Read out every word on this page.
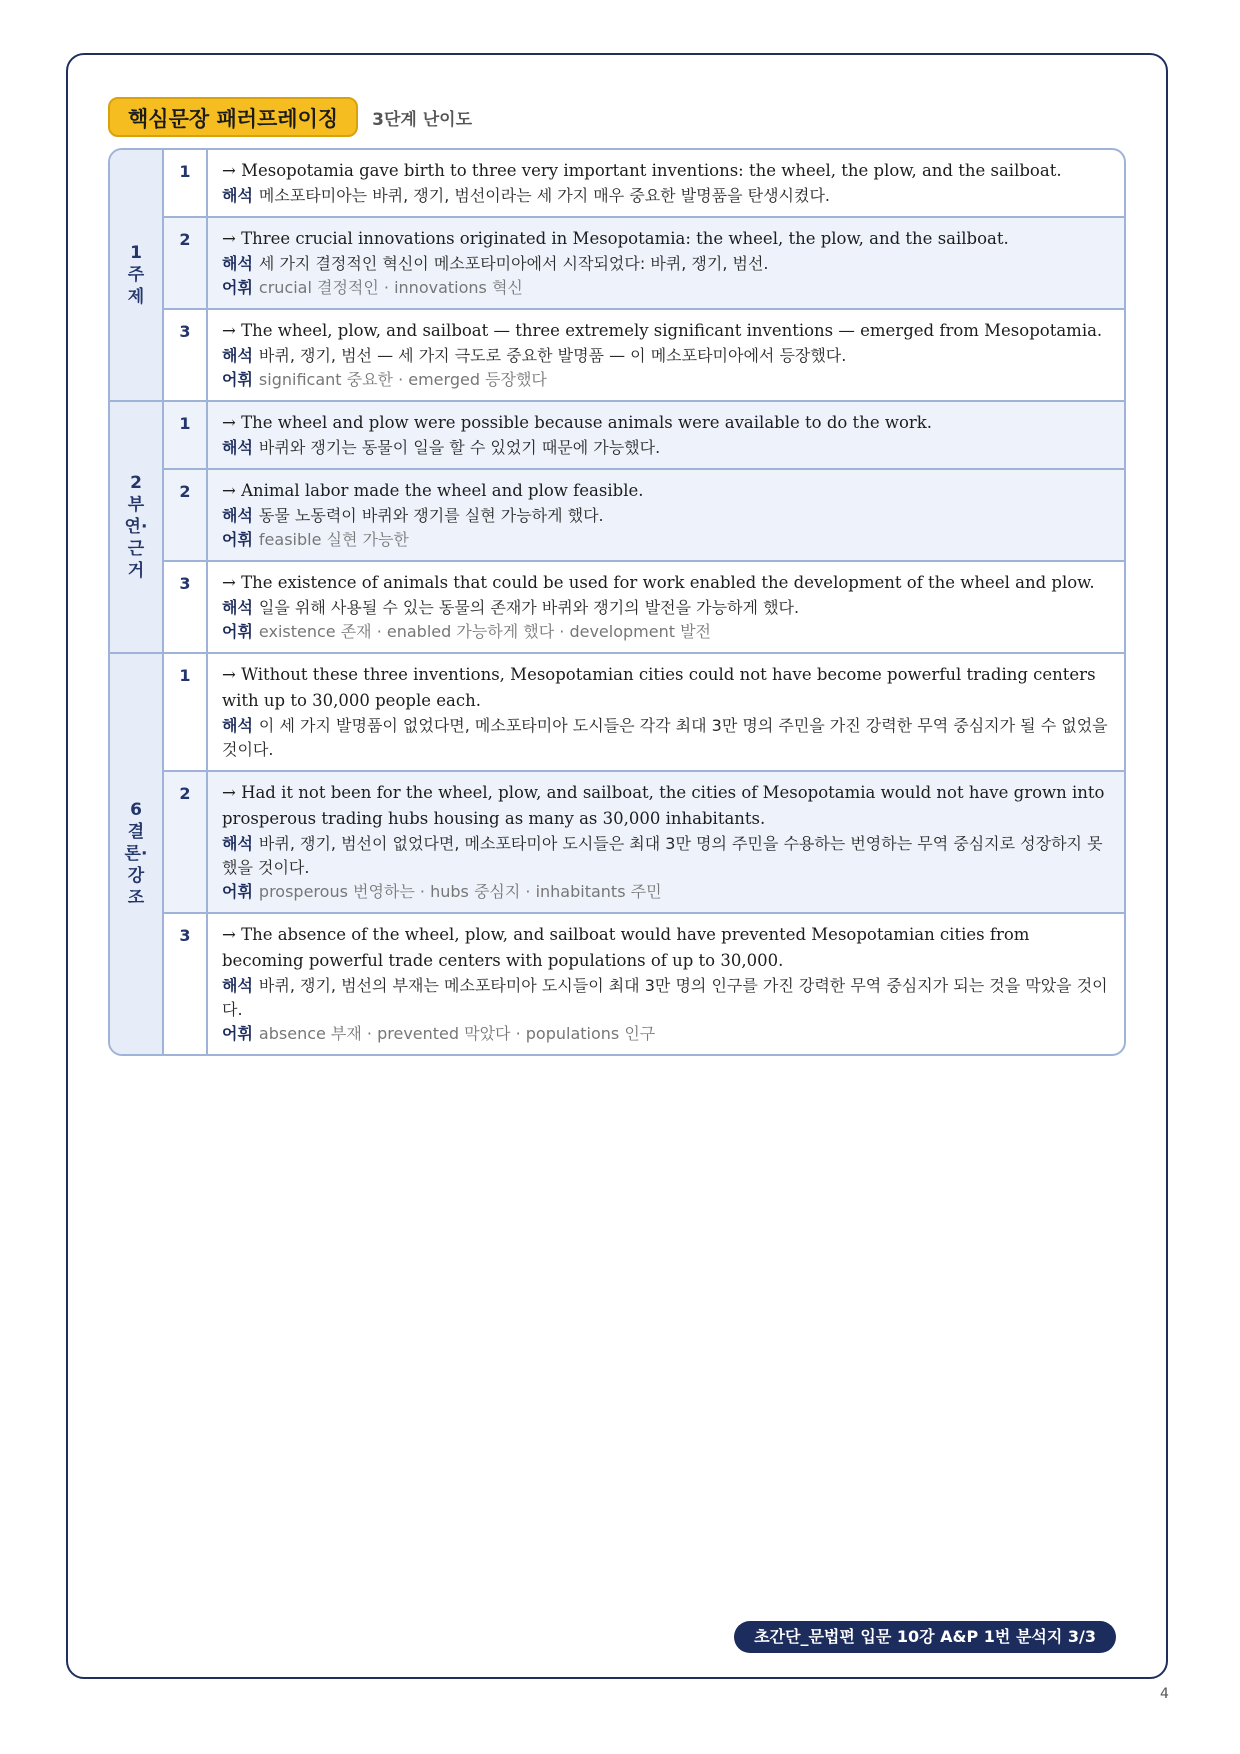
핵심문장 패러프레이징	3단계 난이도
1
주
제
1	→ Mesopotamia gave birth to three very important inventions: the wheel, the plow, and the sailboat.
해석 메소포타미아는 바퀴, 쟁기, 범선이라는 세 가지 매우 중요한 발명품을 탄생시켰다.
2	→ Three crucial innovations originated in Mesopotamia: the wheel, the plow, and the sailboat.
해석 세 가지 결정적인 혁신이 메소포타미아에서 시작되었다: 바퀴, 쟁기, 범선.
어휘 crucial 결정적인 · innovations 혁신
3	→ The wheel, plow, and sailboat — three extremely significant inventions — emerged from Mesopotamia.
해석 바퀴, 쟁기, 범선 — 세 가지 극도로 중요한 발명품 — 이 메소포타미아에서 등장했다.
어휘 significant 중요한 · emerged 등장했다
2
부
연·
근
거
1	→ The wheel and plow were possible because animals were available to do the work.
해석 바퀴와 쟁기는 동물이 일을 할 수 있었기 때문에 가능했다.
2	→ Animal labor made the wheel and plow feasible.
해석 동물 노동력이 바퀴와 쟁기를 실현 가능하게 했다.
어휘 feasible 실현 가능한
3	→ The existence of animals that could be used for work enabled the development of the wheel and plow.
해석 일을 위해 사용될 수 있는 동물의 존재가 바퀴와 쟁기의 발전을 가능하게 했다.
어휘 existence 존재 · enabled 가능하게 했다 · development 발전
6
결
론·
강
조
1	→ Without these three inventions, Mesopotamian cities could not have become powerful trading centers with up to 30,000 people each.
해석 이 세 가지 발명품이 없었다면, 메소포타미아 도시들은 각각 최대 3만 명의 주민을 가진 강력한 무역 중심지가 될 수 없었을 것이다.
2	→ Had it not been for the wheel, plow, and sailboat, the cities of Mesopotamia would not have grown into prosperous trading hubs housing as many as 30,000 inhabitants.
해석 바퀴, 쟁기, 범선이 없었다면, 메소포타미아 도시들은 최대 3만 명의 주민을 수용하는 번영하는 무역 중심지로 성장하지 못했을 것이다.
어휘 prosperous 번영하는 · hubs 중심지 · inhabitants 주민
3	→ The absence of the wheel, plow, and sailboat would have prevented Mesopotamian cities from becoming powerful trade centers with populations of up to 30,000.
해석 바퀴, 쟁기, 범선의 부재는 메소포타미아 도시들이 최대 3만 명의 인구를 가진 강력한 무역 중심지가 되는 것을 막았을 것이다.
어휘 absence 부재 · prevented 막았다 · populations 인구
초간단_문법편 입문 10강 A&P 1번 분석지 3/3
4
